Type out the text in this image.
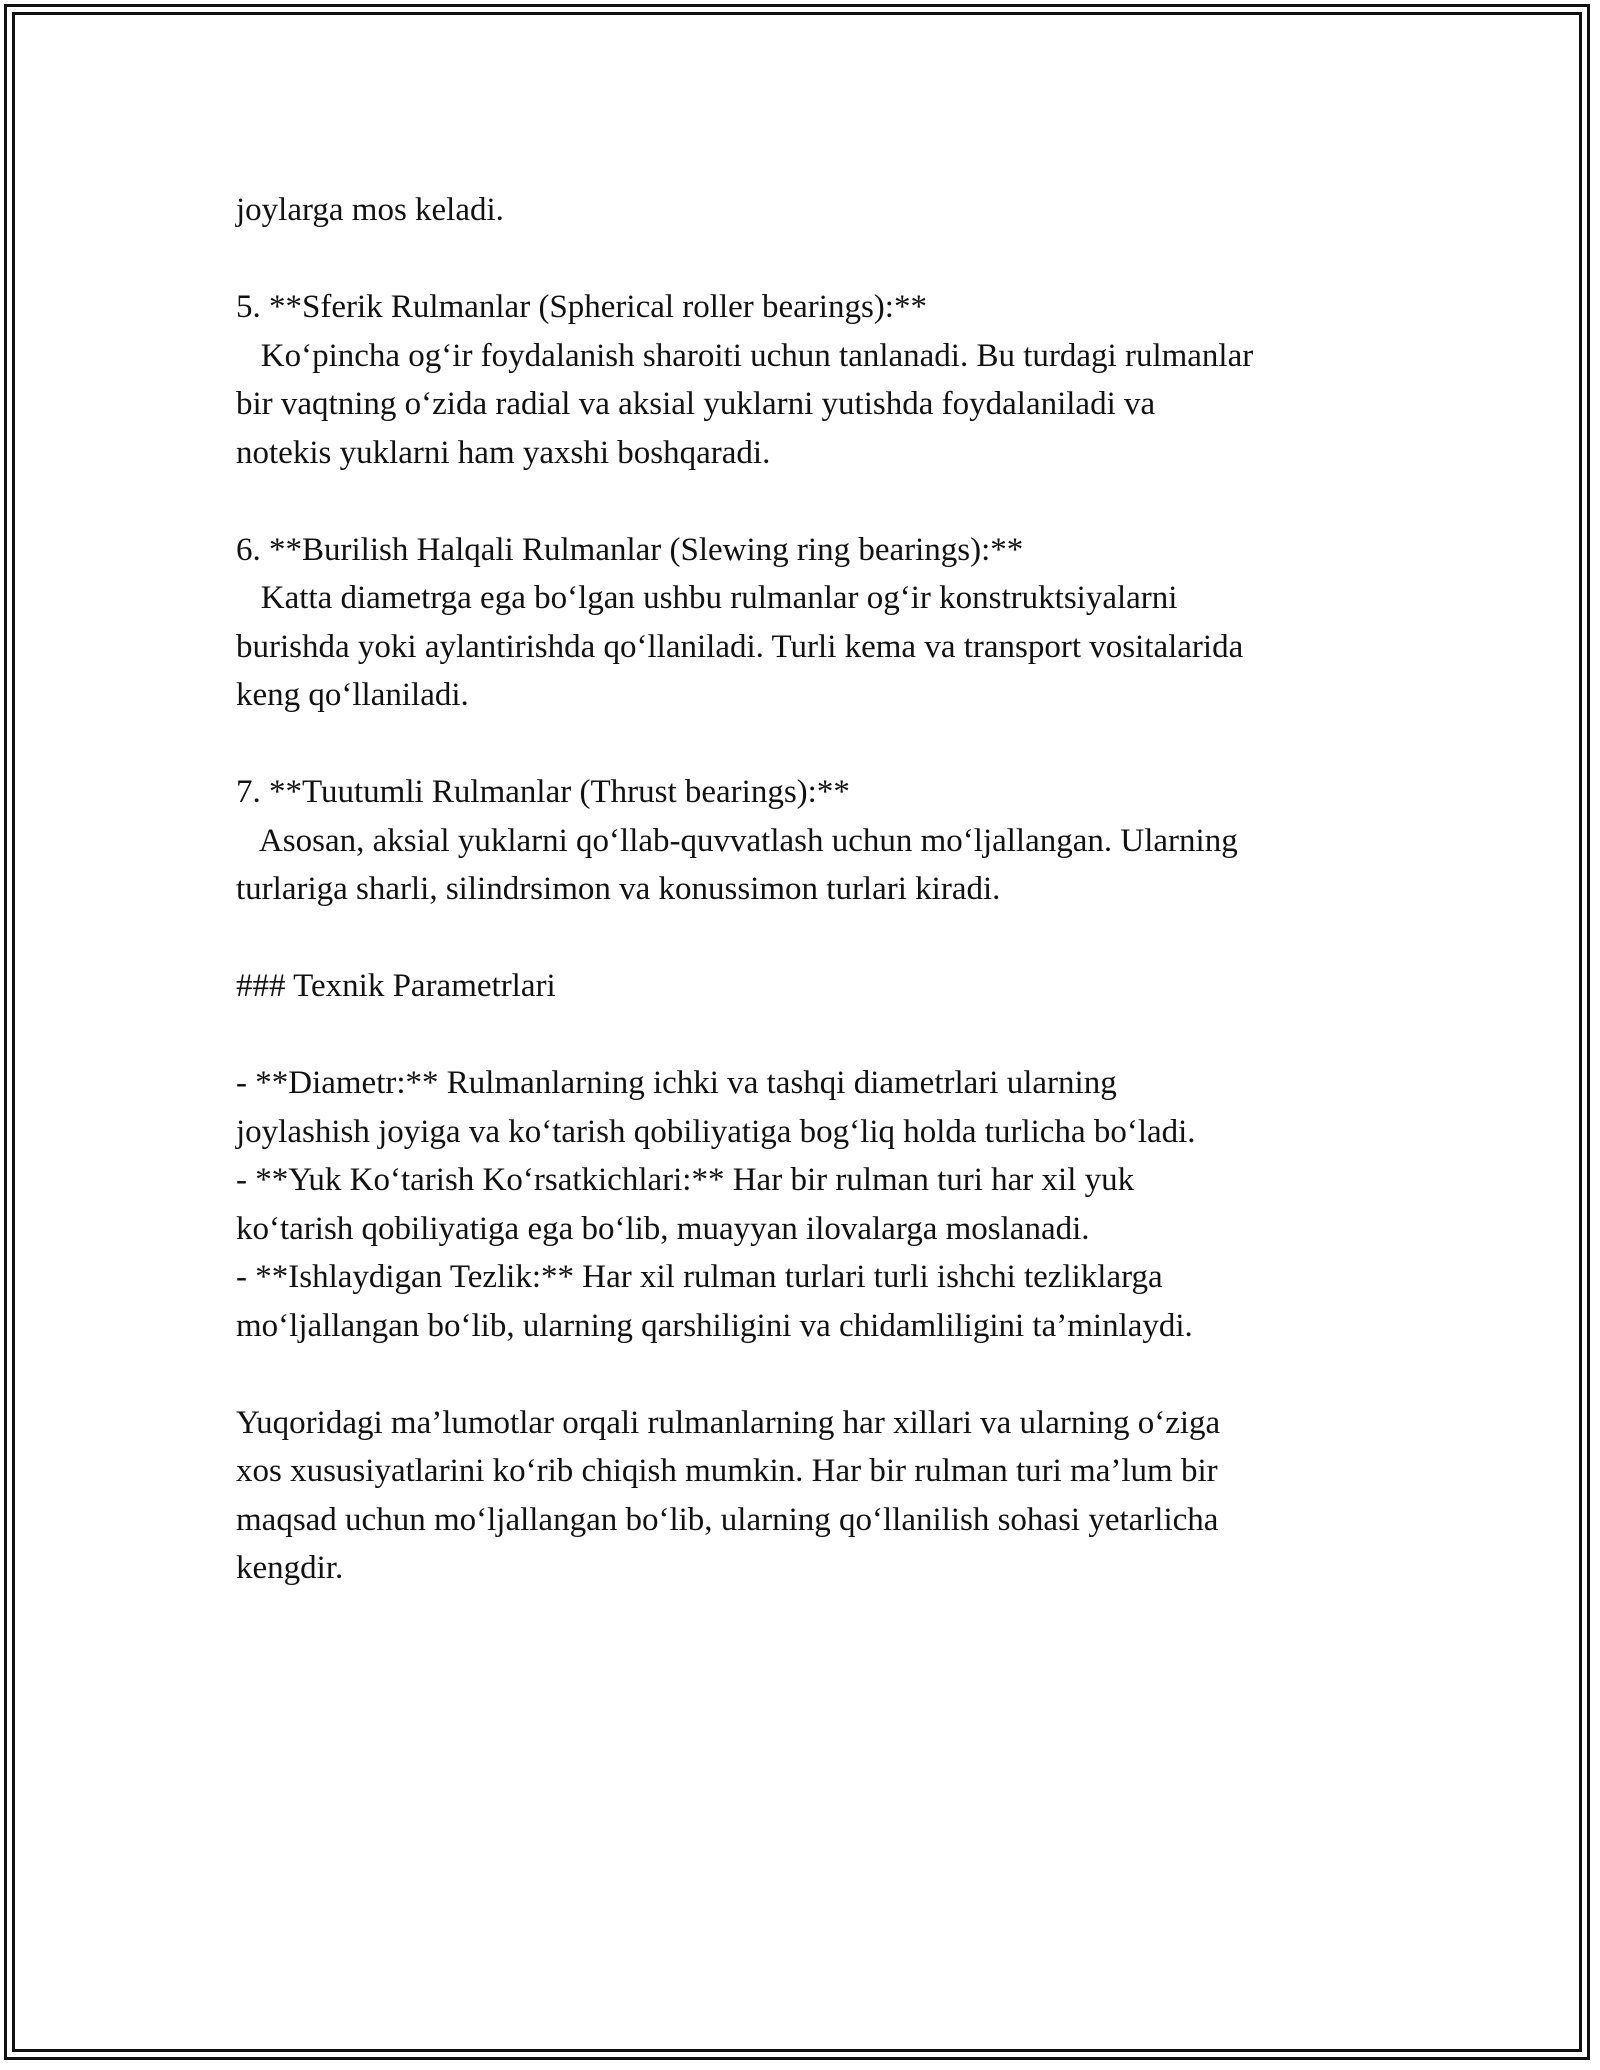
joylarga mos keladi.
5. **Sferik Rulmanlar (Spherical roller bearings):**
Ko‘pincha og‘ir foydalanish sharoiti uchun tanlanadi. Bu turdagi rulmanlar
bir vaqtning o‘zida radial va aksial yuklarni yutishda foydalaniladi va
notekis yuklarni ham yaxshi boshqaradi.
6. **Burilish Halqali Rulmanlar (Slewing ring bearings):**
Katta diametrga ega bo‘lgan ushbu rulmanlar og‘ir konstruktsiyalarni
burishda yoki aylantirishda qo‘llaniladi. Turli kema va transport vositalarida
keng qo‘llaniladi.
7. **Tuutumli Rulmanlar (Thrust bearings):**
Asosan, aksial yuklarni qo‘llab-quvvatlash uchun mo‘ljallangan. Ularning
turlariga sharli, silindrsimon va konussimon turlari kiradi.
### Texnik Parametrlari
- **Diametr:** Rulmanlarning ichki va tashqi diametrlari ularning
joylashish joyiga va ko‘tarish qobiliyatiga bog‘liq holda turlicha bo‘ladi.
- **Yuk Ko‘tarish Ko‘rsatkichlari:** Har bir rulman turi har xil yuk
ko‘tarish qobiliyatiga ega bo‘lib, muayyan ilovalarga moslanadi.
- **Ishlaydigan Tezlik:** Har xil rulman turlari turli ishchi tezliklarga
mo‘ljallangan bo‘lib, ularning qarshiligini va chidamliligini ta’minlaydi.
Yuqoridagi ma’lumotlar orqali rulmanlarning har xillari va ularning o‘ziga
xos xususiyatlarini ko‘rib chiqish mumkin. Har bir rulman turi ma’lum bir
maqsad uchun mo‘ljallangan bo‘lib, ularning qo‘llanilish sohasi yetarlicha
kengdir.
